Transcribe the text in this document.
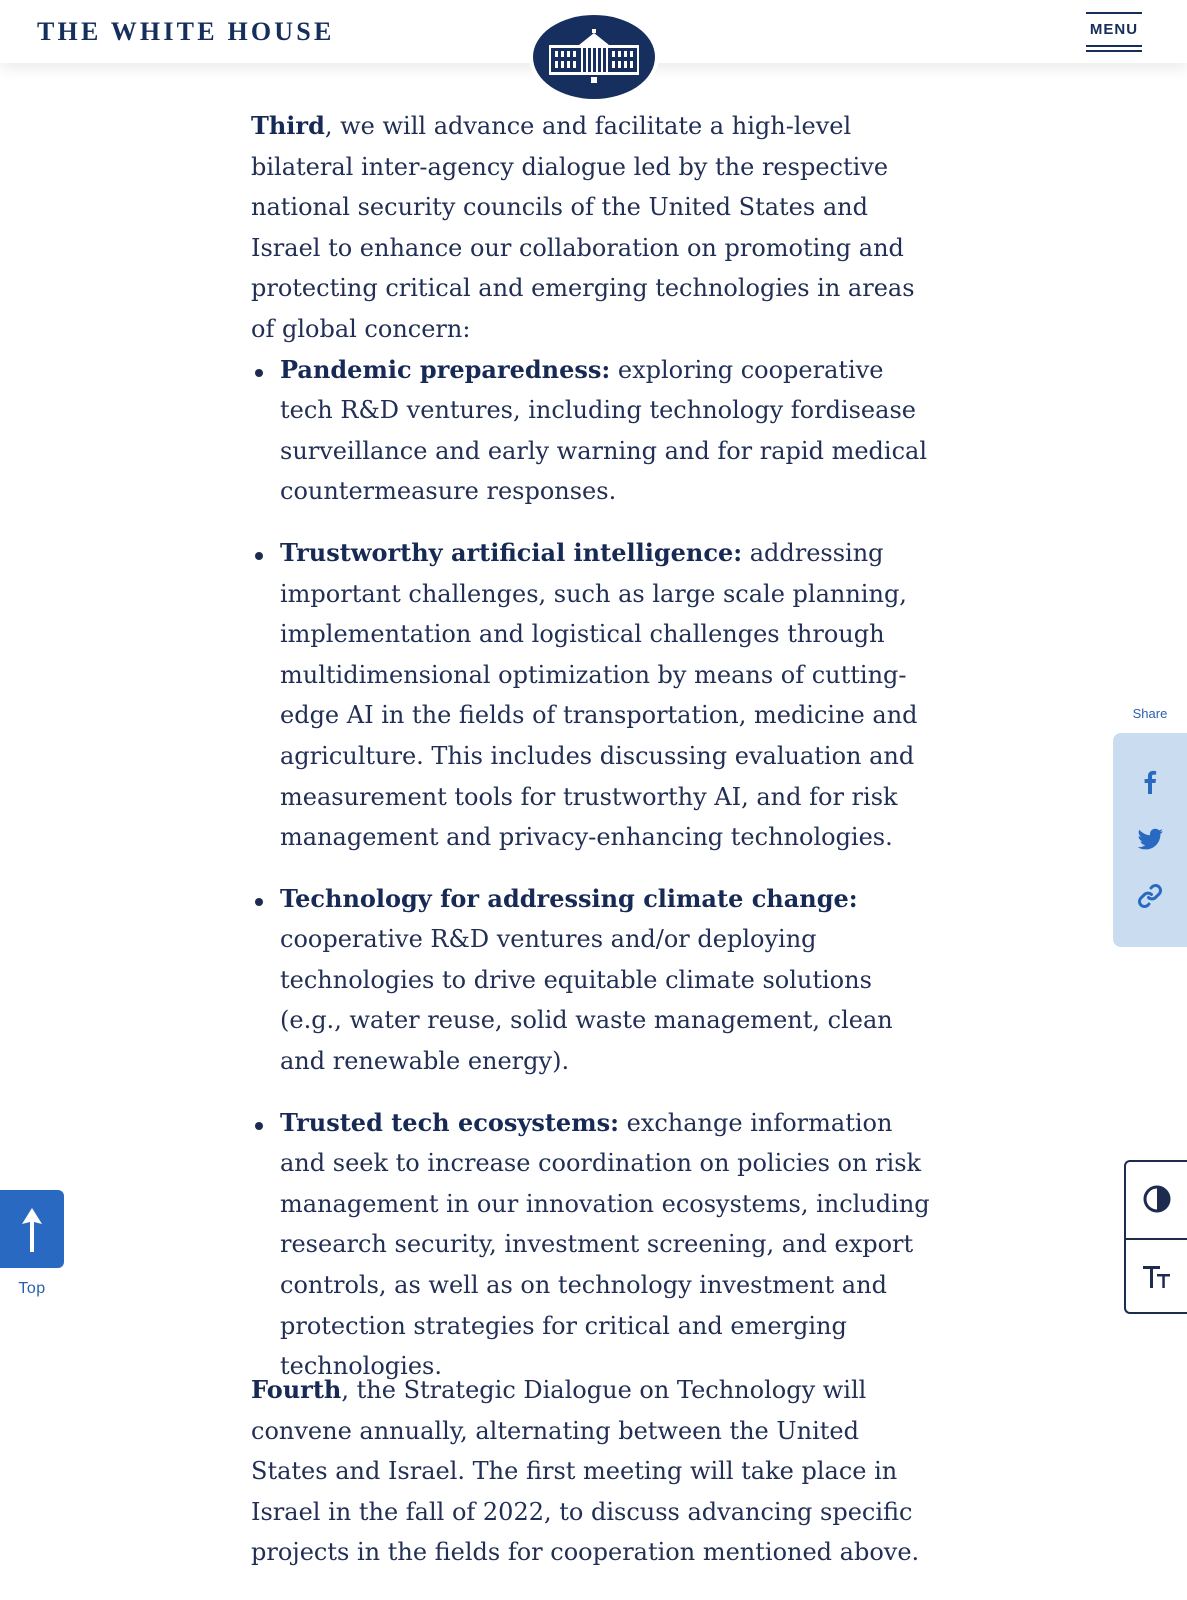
THE WHITE HOUSE	MENU

Third, we will advance and facilitate a high-level bilateral inter-agency dialogue led by the respective national security councils of the United States and Israel to enhance our collaboration on promoting and protecting critical and emerging technologies in areas of global concern:

Pandemic preparedness: exploring cooperative tech R&D ventures, including technology fordisease surveillance and early warning and for rapid medical countermeasure responses.
Trustworthy artificial intelligence: addressing important challenges, such as large scale planning, implementation and logistical challenges through multidimensional optimization by means of cutting-edge AI in the fields of transportation, medicine and agriculture. This includes discussing evaluation and measurement tools for trustworthy AI, and for risk management and privacy-enhancing technologies.
Technology for addressing climate change: cooperative R&D ventures and/or deploying technologies to drive equitable climate solutions (e.g., water reuse, solid waste management, clean and renewable energy).
Trusted tech ecosystems: exchange information and seek to increase coordination on policies on risk management in our innovation ecosystems, including research security, investment screening, and export controls, as well as on technology investment and protection strategies for critical and emerging technologies.

Fourth, the Strategic Dialogue on Technology will convene annually, alternating between the United States and Israel. The first meeting will take place in Israel in the fall of 2022, to discuss advancing specific projects in the fields for cooperation mentioned above.

Top
Share
